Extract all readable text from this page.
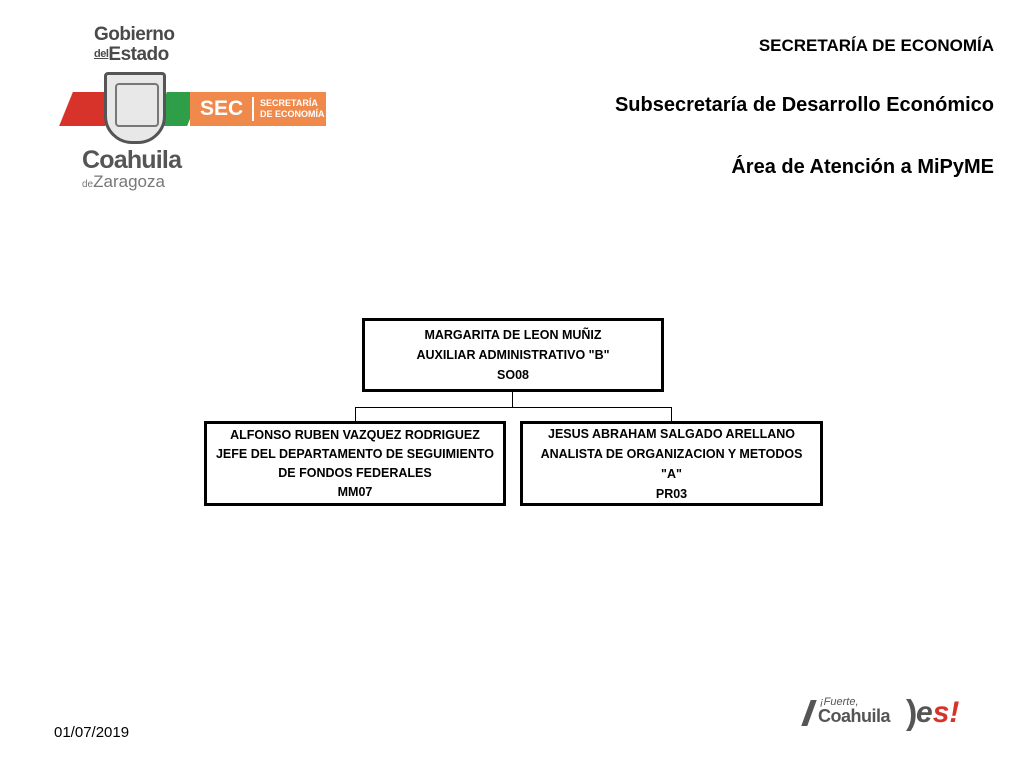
Gobierno
delEstado
SEC SECRETARÍA
DE ECONOMÍA
Coahuila
deZaragoza
SECRETARÍA DE ECONOMÍA
Subsecretaría de Desarrollo Económico
Área de Atención a MiPyME
MARGARITA DE LEON MUÑIZ
AUXILIAR ADMINISTRATIVO "B"
SO08
ALFONSO RUBEN VAZQUEZ RODRIGUEZ
JEFE DEL DEPARTAMENTO DE SEGUIMIENTO DE FONDOS FEDERALES
MM07
JESUS ABRAHAM SALGADO ARELLANO
ANALISTA DE ORGANIZACION Y METODOS "A"
PR03
01/07/2019
¡Fuerte,
Coahuila )
es!
